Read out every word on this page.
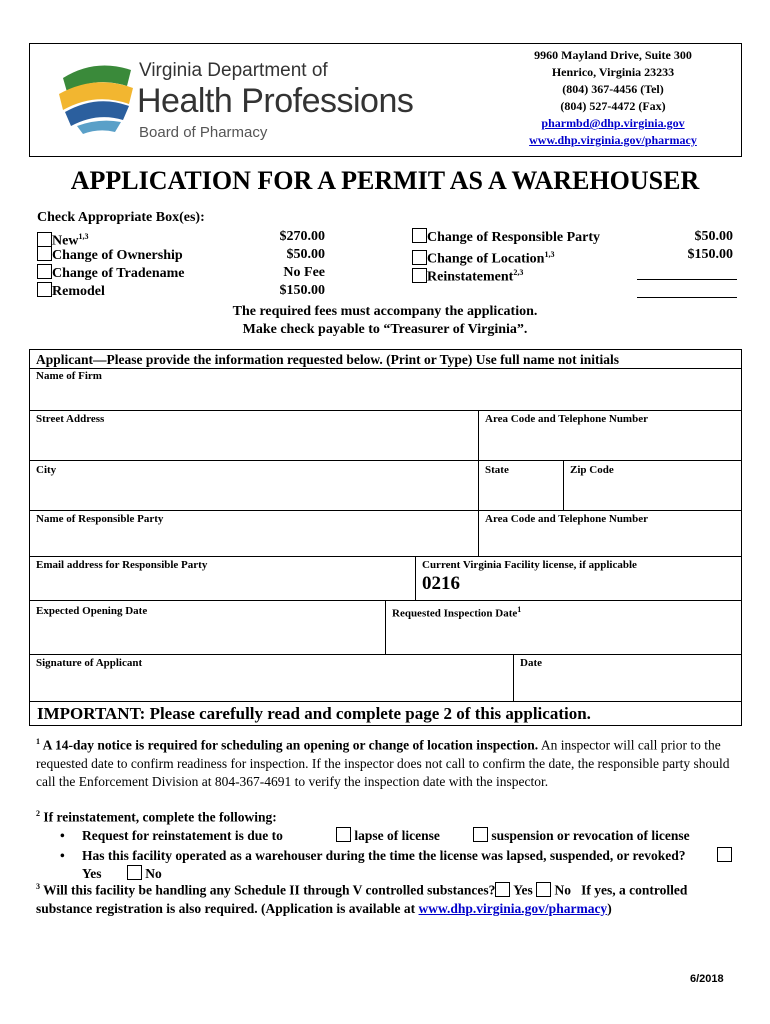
Virginia Department of
Health Professions
Board of Pharmacy
9960 Mayland Drive, Suite 300
Henrico, Virginia 23233
(804) 367-4456 (Tel)
(804) 527-4472 (Fax)
pharmbd@dhp.virginia.gov
www.dhp.virginia.gov/pharmacy
APPLICATION FOR A PERMIT AS A WAREHOUSER
Check Appropriate Box(es):
New$^{1,3}$	$270.00
Change of Ownership	$50.00
Change of Tradename	No Fee
Remodel	$150.00
Change of Responsible Party	$50.00
Change of Location$^{1,3}$	$150.00
Reinstatement$^{2,3}$
The required fees must accompany the application.
Make check payable to “Treasurer of Virginia”.
Applicant—Please provide the information requested below. (Print or Type) Use full name not initials
Name of Firm
Street Address	Area Code and Telephone Number
City	State	Zip Code
Name of Responsible Party	Area Code and Telephone Number
Email address for Responsible Party	Current Virginia Facility license, if applicable
0216
Expected Opening Date	Requested Inspection Date$^1$
Signature of Applicant	Date
IMPORTANT: Please carefully read and complete page 2 of this application.
$^1$ A 14-day notice is required for scheduling an opening or change of location inspection. An inspector will call prior to the requested date to confirm readiness for inspection. If the inspector does not call to confirm the date, the responsible party should call the Enforcement Division at 804-367-4691 to verify the inspection date with the inspector.
$^2$ If reinstatement, complete the following:
• Request for reinstatement is due to	lapse of license	suspension or revocation of license
• Has this facility operated as a warehouser during the time the license was lapsed, suspended, or revoked?  Yes	No
$^3$ Will this facility be handling any Schedule II through V controlled substances? Yes No If yes, a controlled substance registration is also required. (Application is available at www.dhp.virginia.gov/pharmacy)
6/2018
